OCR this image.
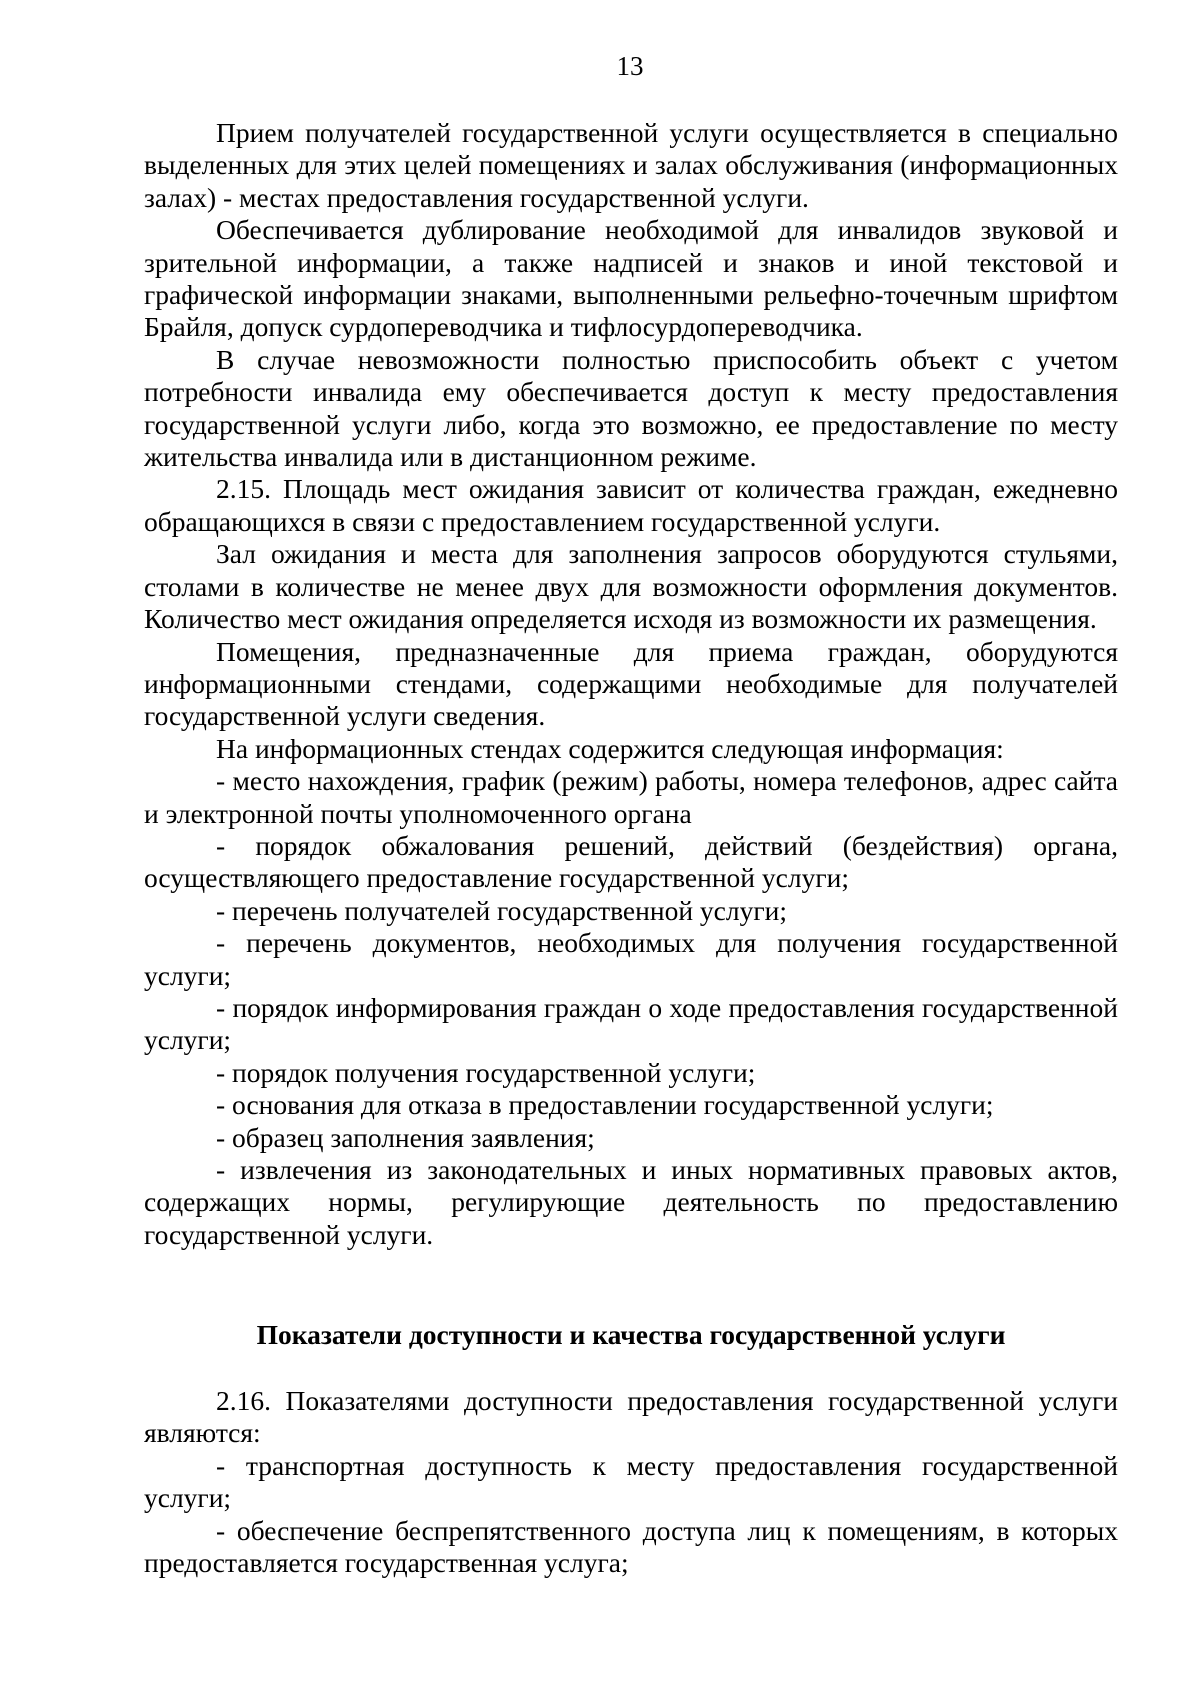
13

Прием получателей государственной услуги осуществляется в специально выделенных для этих целей помещениях и залах обслуживания (информационных залах) - местах предоставления государственной услуги.

Обеспечивается дублирование необходимой для инвалидов звуковой и зрительной информации, а также надписей и знаков и иной текстовой и графической информации знаками, выполненными рельефно-точечным шрифтом Брайля, допуск сурдопереводчика и тифлосурдопереводчика.

В случае невозможности полностью приспособить объект с учетом потребности инвалида ему обеспечивается доступ к месту предоставления государственной услуги либо, когда это возможно, ее предоставление по месту жительства инвалида или в дистанционном режиме.

2.15. Площадь мест ожидания зависит от количества граждан, ежедневно обращающихся в связи с предоставлением государственной услуги.

Зал ожидания и места для заполнения запросов оборудуются стульями, столами в количестве не менее двух для возможности оформления документов. Количество мест ожидания определяется исходя из возможности их размещения.

Помещения, предназначенные для приема граждан, оборудуются информационными стендами, содержащими необходимые для получателей государственной услуги сведения.

На информационных стендах содержится следующая информация:

- место нахождения, график (режим) работы, номера телефонов, адрес сайта и электронной почты уполномоченного органа

- порядок обжалования решений, действий (бездействия) органа, осуществляющего предоставление государственной услуги;

- перечень получателей государственной услуги;

- перечень документов, необходимых для получения государственной услуги;

- порядок информирования граждан о ходе предоставления государственной услуги;

- порядок получения государственной услуги;

- основания для отказа в предоставлении государственной услуги;

- образец заполнения заявления;

- извлечения из законодательных и иных нормативных правовых актов, содержащих нормы, регулирующие деятельность по предоставлению государственной услуги.

Показатели доступности и качества государственной услуги

2.16. Показателями доступности предоставления государственной услуги являются:

- транспортная доступность к месту предоставления государственной услуги;

- обеспечение беспрепятственного доступа лиц к помещениям, в которых предоставляется государственная услуга;
